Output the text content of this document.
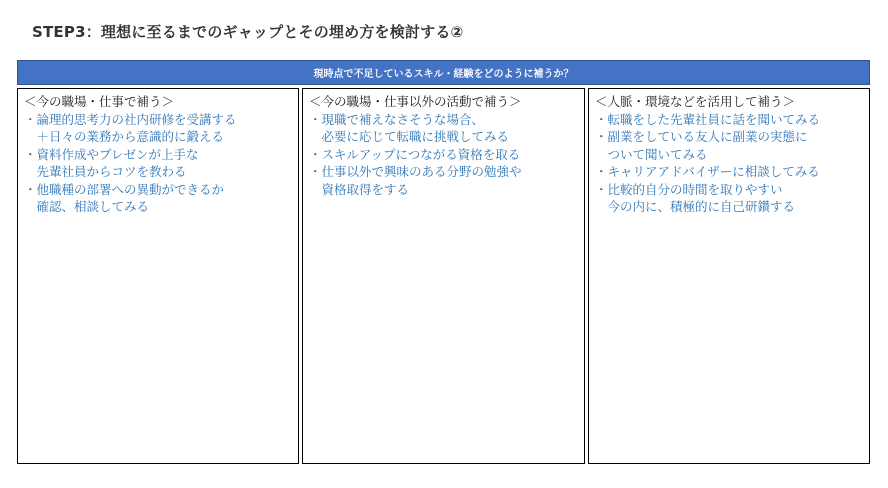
STEP3：理想に至るまでのギャップとその埋め方を検討する②
現時点で不足しているスキル・経験をどのように補うか？
＜今の職場・仕事で補う＞
・論理的思考力の社内研修を受講する
　＋日々の業務から意識的に鍛える
・資料作成やプレゼンが上手な
　先輩社員からコツを教わる
・他職種の部署への異動ができるか
　確認、相談してみる
＜今の職場・仕事以外の活動で補う＞
・現職で補えなさそうな場合、
　必要に応じて転職に挑戦してみる
・スキルアップにつながる資格を取る
・仕事以外で興味のある分野の勉強や
　資格取得をする
＜人脈・環境などを活用して補う＞
・転職をした先輩社員に話を聞いてみる
・副業をしている友人に副業の実態に
　ついて聞いてみる
・キャリアアドバイザーに相談してみる
・比較的自分の時間を取りやすい
　今の内に、積極的に自己研鑽する
